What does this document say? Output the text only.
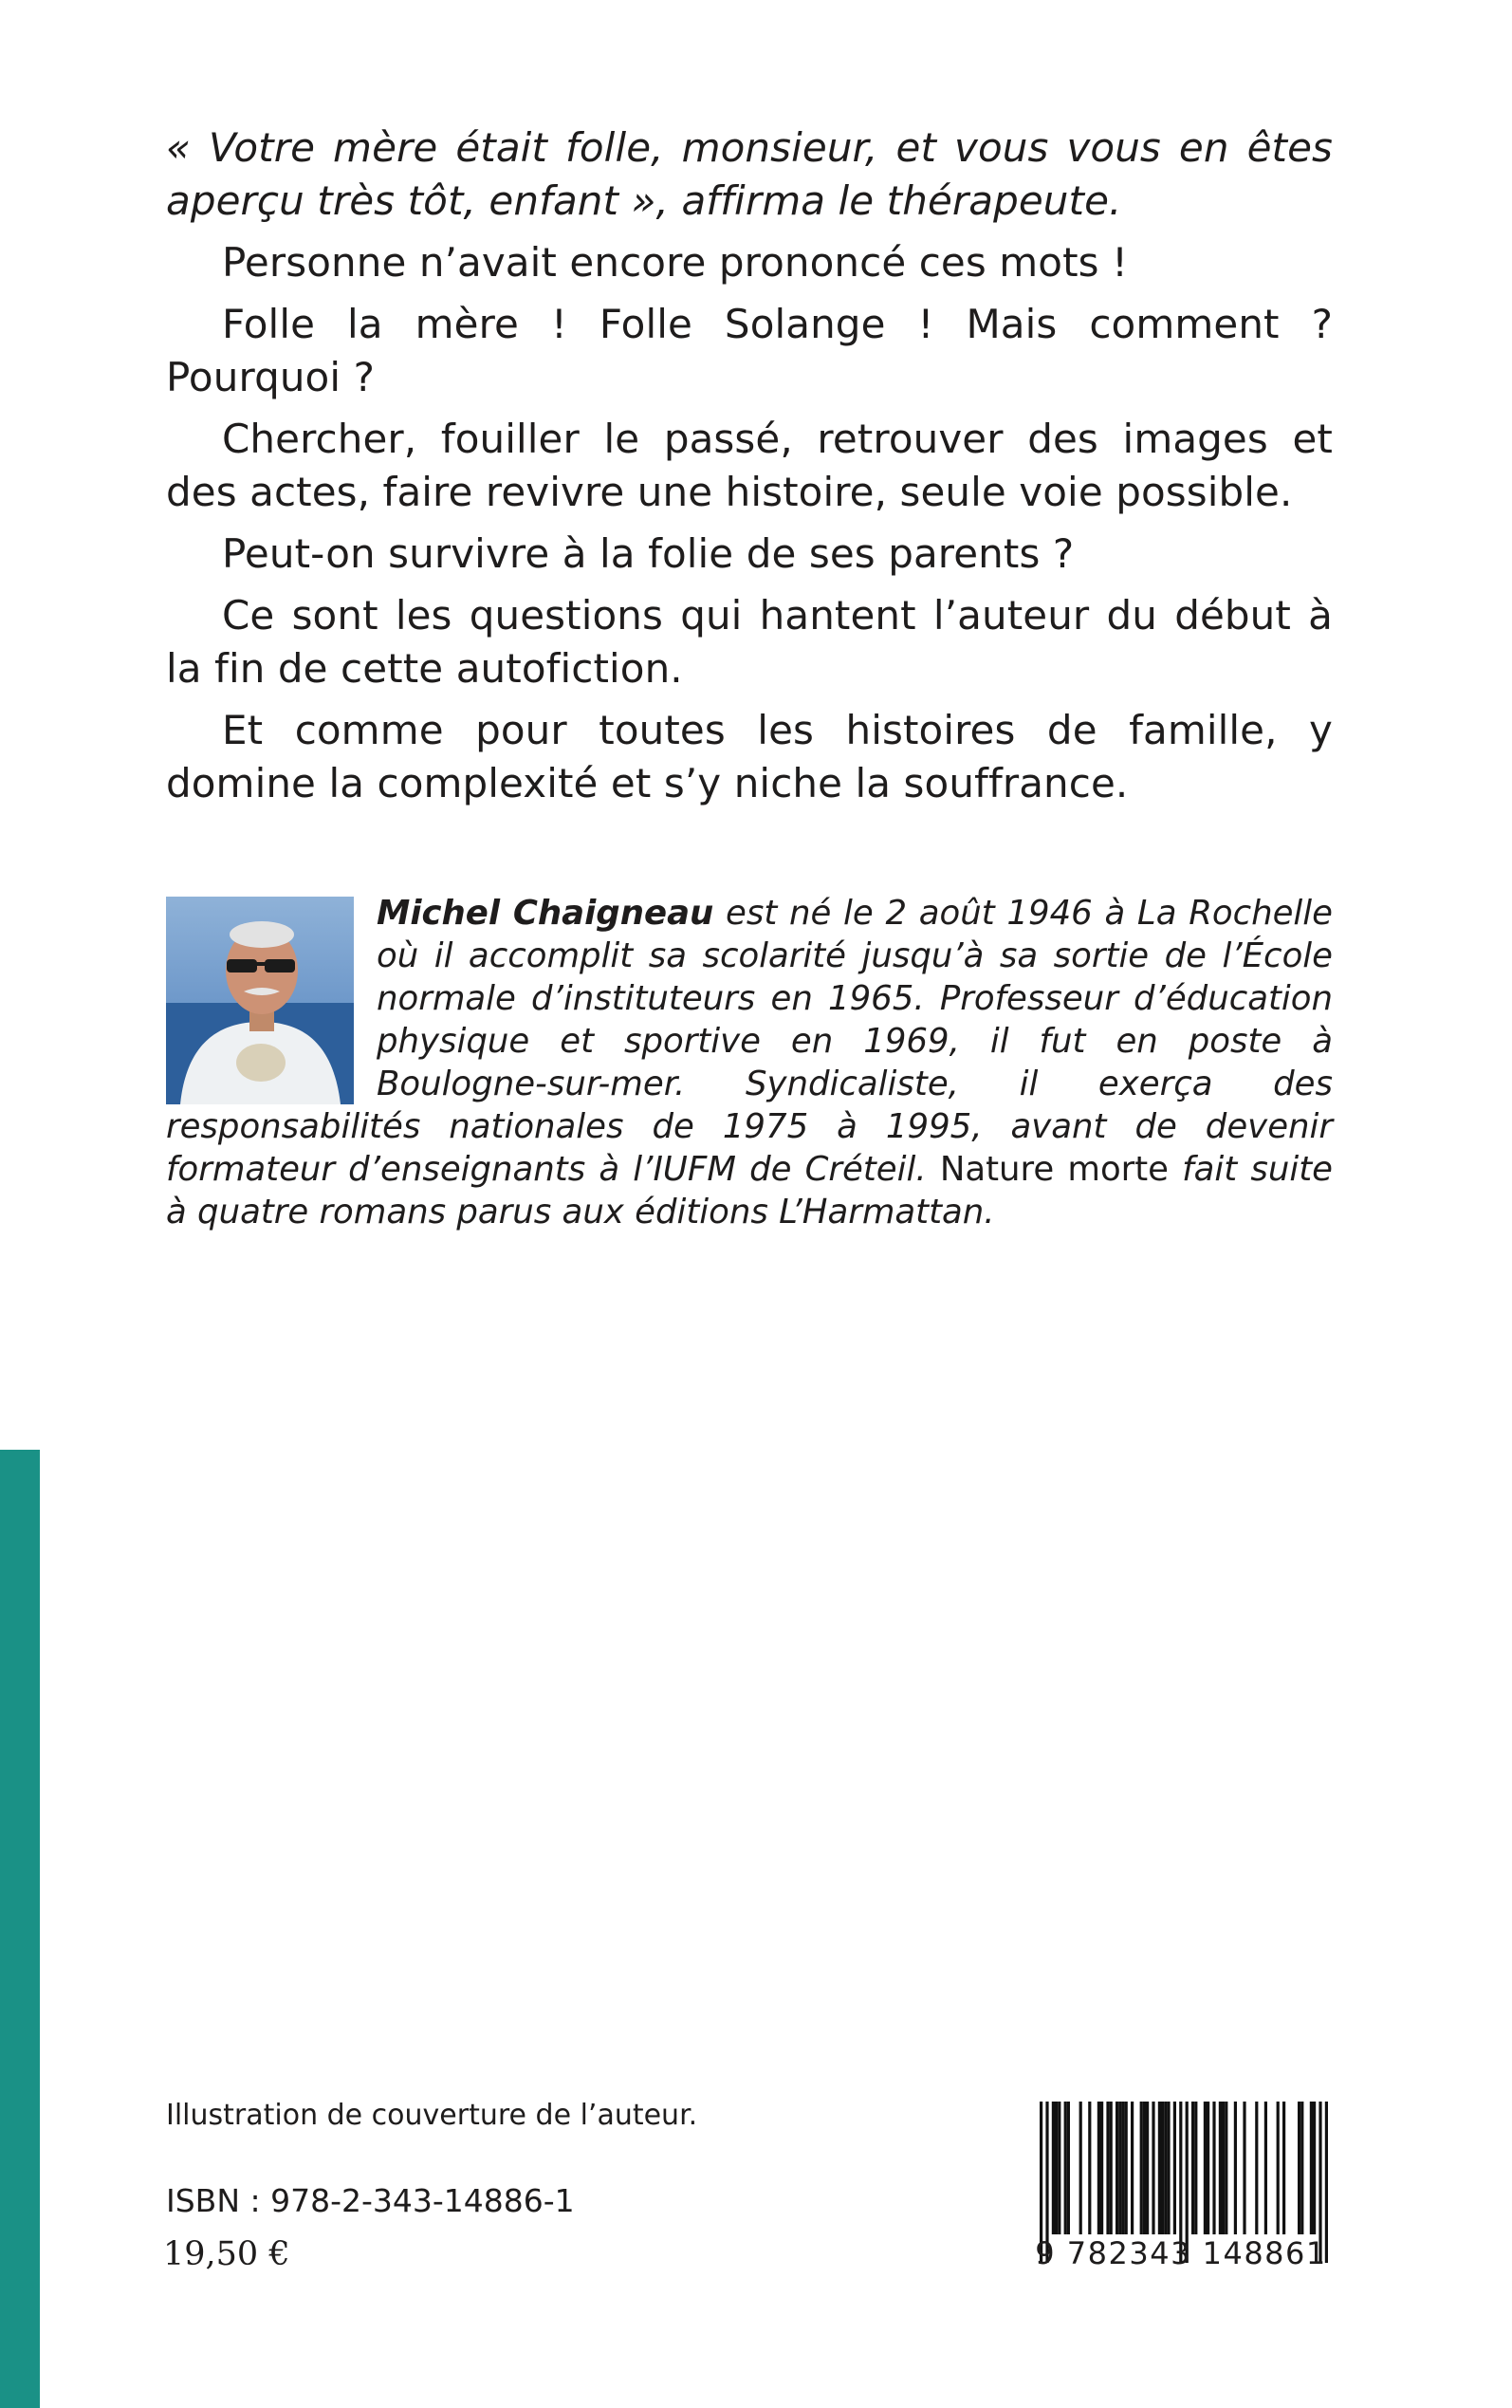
« Votre mère était folle, monsieur, et vous vous en êtes aperçu très tôt, enfant », affirma le thérapeute.

Personne n’avait encore prononcé ces mots !

Folle la mère ! Folle Solange ! Mais comment ? Pourquoi ?

Chercher, fouiller le passé, retrouver des images et des actes, faire revivre une histoire, seule voie possible.

Peut-on survivre à la folie de ses parents ?

Ce sont les questions qui hantent l’auteur du début à la fin de cette autofiction.

Et comme pour toutes les histoires de famille, y domine la complexité et s’y niche la souffrance.

Michel Chaigneau est né le 2 août 1946 à La Rochelle où il accomplit sa scolarité jusqu’à sa sortie de l’École normale d’instituteurs en 1965. Professeur d’éducation physique et sportive en 1969, il fut en poste à Boulogne-sur-mer. Syndicaliste, il exerça des responsabilités nationales de 1975 à 1995, avant de devenir formateur d’enseignants à l’IUFM de Créteil. Nature morte fait suite à quatre romans parus aux éditions L’Harmattan.
Illustration de couverture de l’auteur.
ISBN : 978-2-343-14886-1
19,50 €	9 782343 148861
